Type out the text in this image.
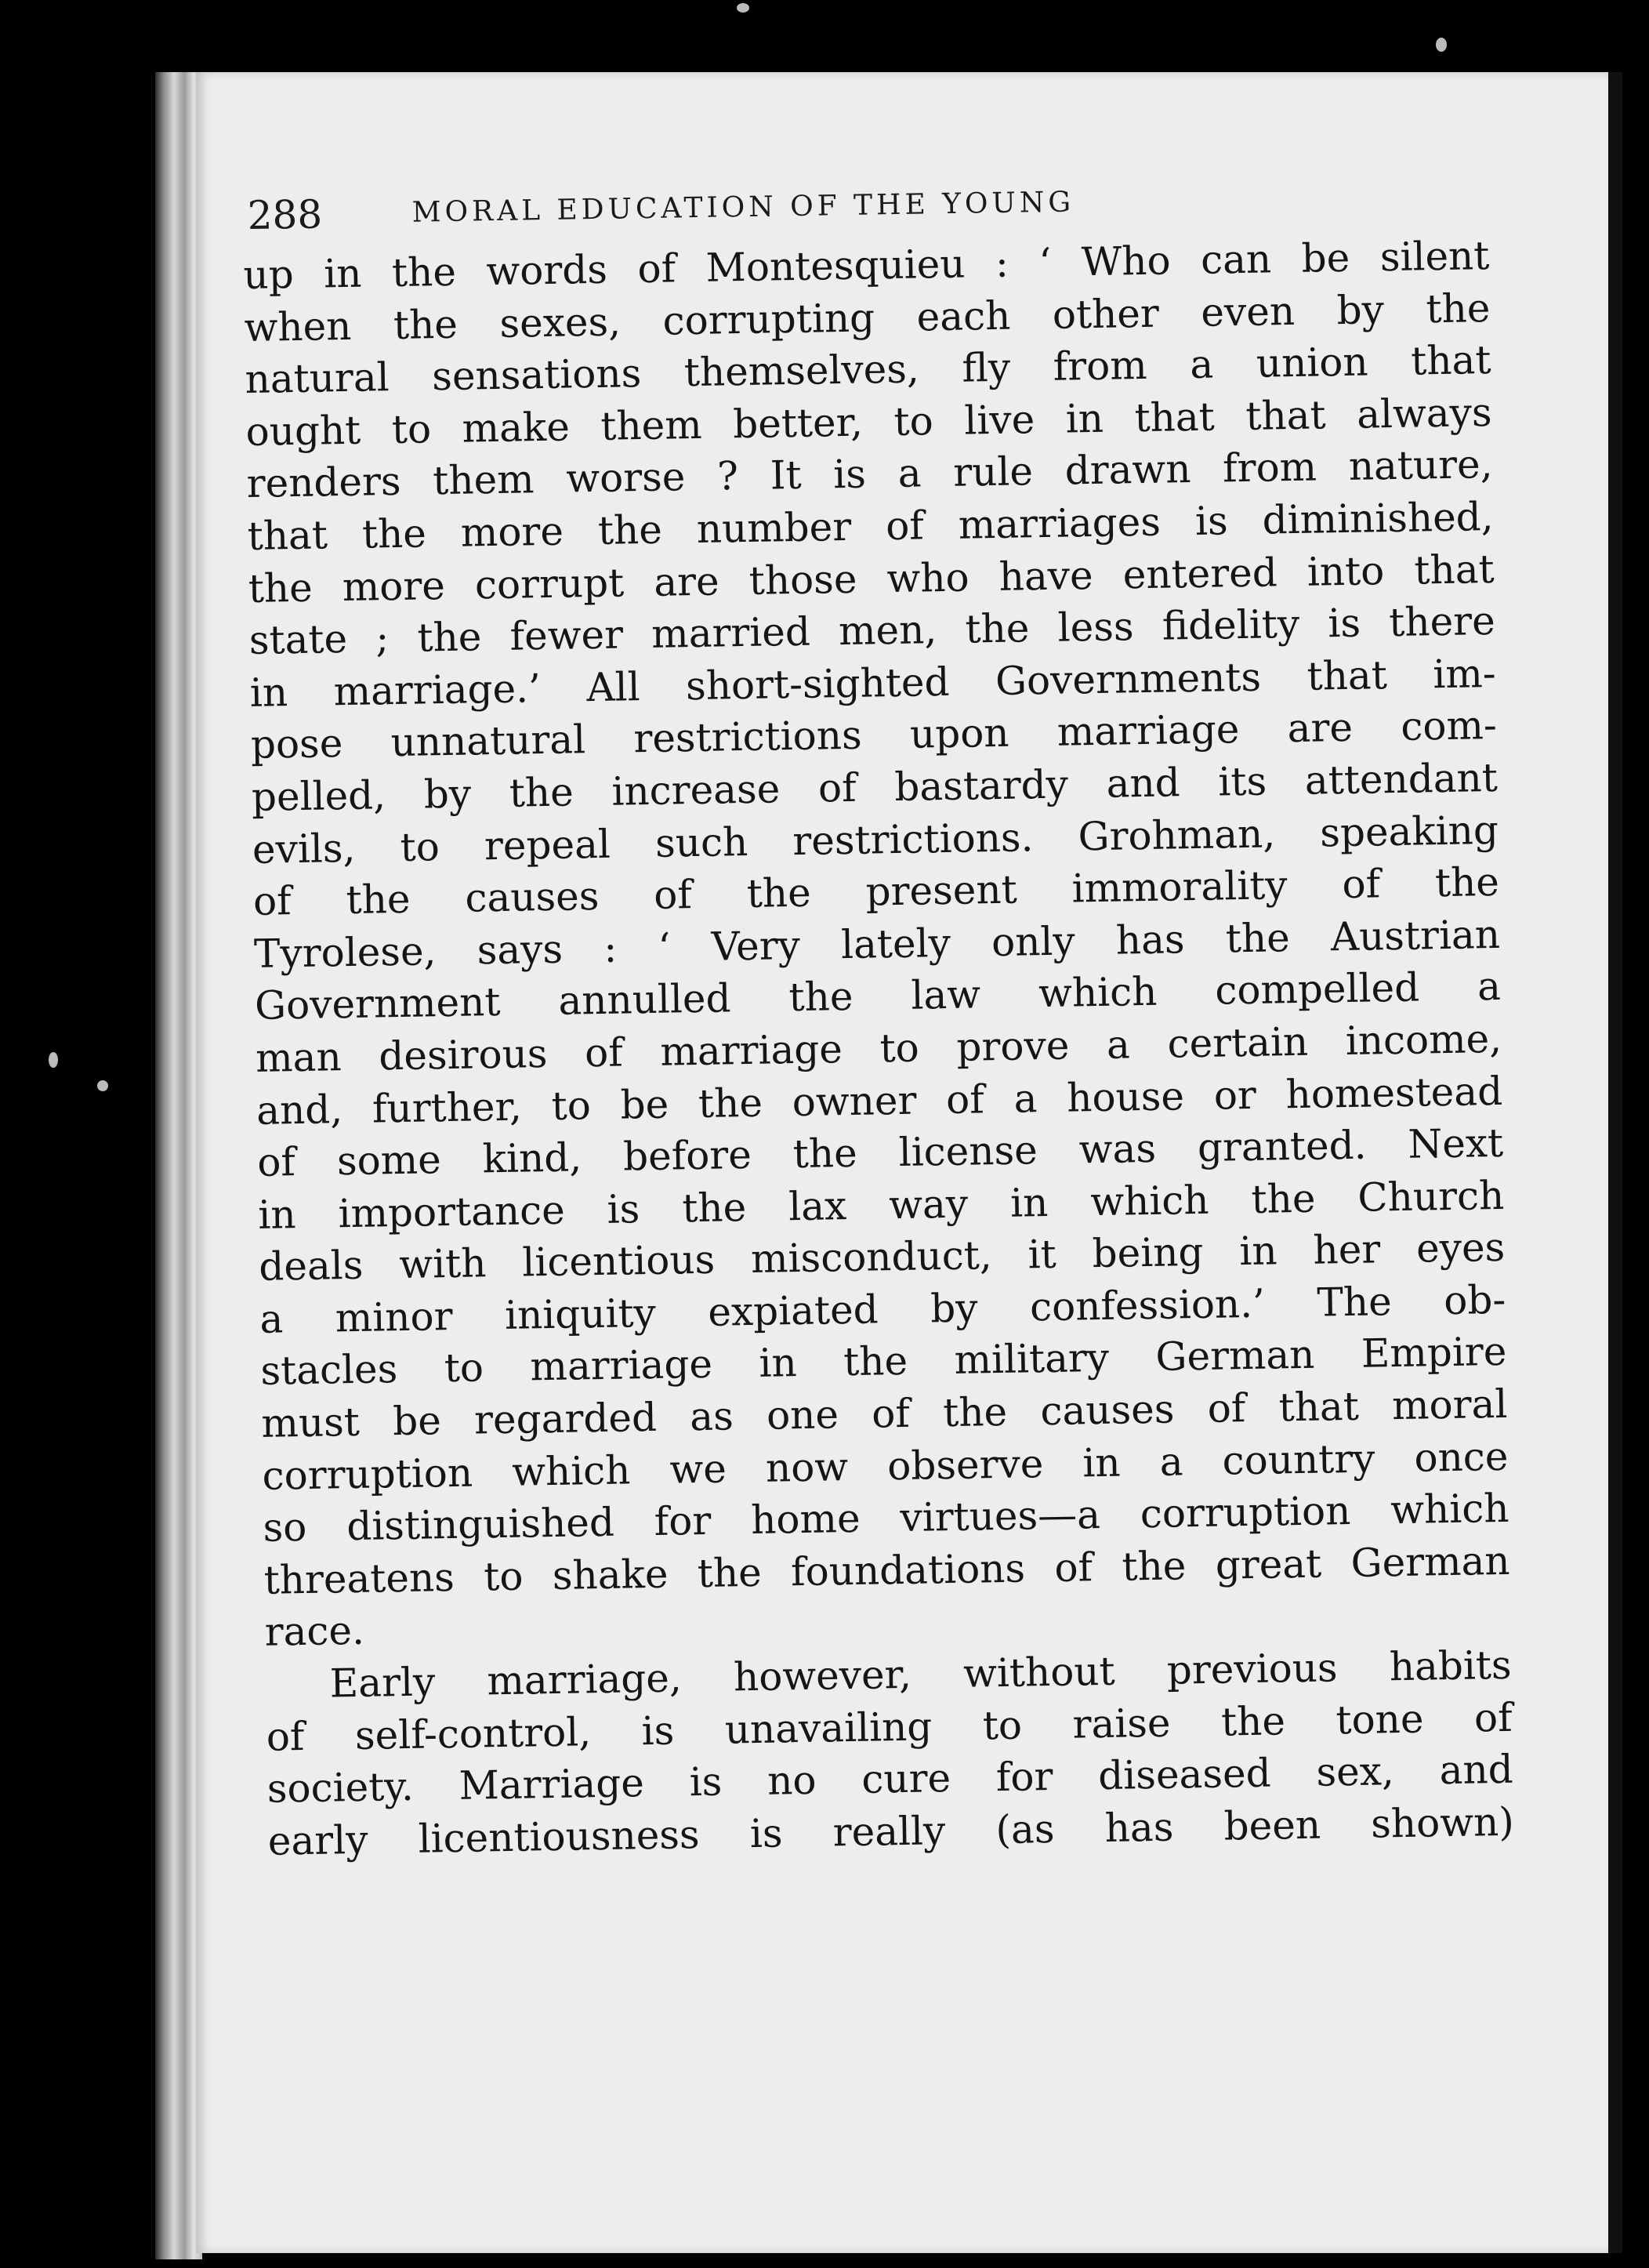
288	MORAL EDUCATION OF THE YOUNG
up in the words of Montesquieu : ‘ Who can be silent
when the sexes, corrupting each other even by the
natural sensations themselves, fly from a union that
ought to make them better, to live in that that always
renders them worse ? It is a rule drawn from nature,
that the more the number of marriages is diminished,
the more corrupt are those who have entered into that
state ; the fewer married men, the less fidelity is there
in marriage.’ All short-sighted Governments that im-
pose unnatural restrictions upon marriage are com-
pelled, by the increase of bastardy and its attendant
evils, to repeal such restrictions. Grohman, speaking
of the causes of the present immorality of the
Tyrolese, says : ‘ Very lately only has the Austrian
Government annulled the law which compelled a
man desirous of marriage to prove a certain income,
and, further, to be the owner of a house or homestead
of some kind, before the license was granted. Next
in importance is the lax way in which the Church
deals with licentious misconduct, it being in her eyes
a minor iniquity expiated by confession.’ The ob-
stacles to marriage in the military German Empire
must be regarded as one of the causes of that moral
corruption which we now observe in a country once
so distinguished for home virtues—a corruption which
threatens to shake the foundations of the great German
race.
Early marriage, however, without previous habits
of self-control, is unavailing to raise the tone of
society. Marriage is no cure for diseased sex, and
early licentiousness is really (as has been shown)
